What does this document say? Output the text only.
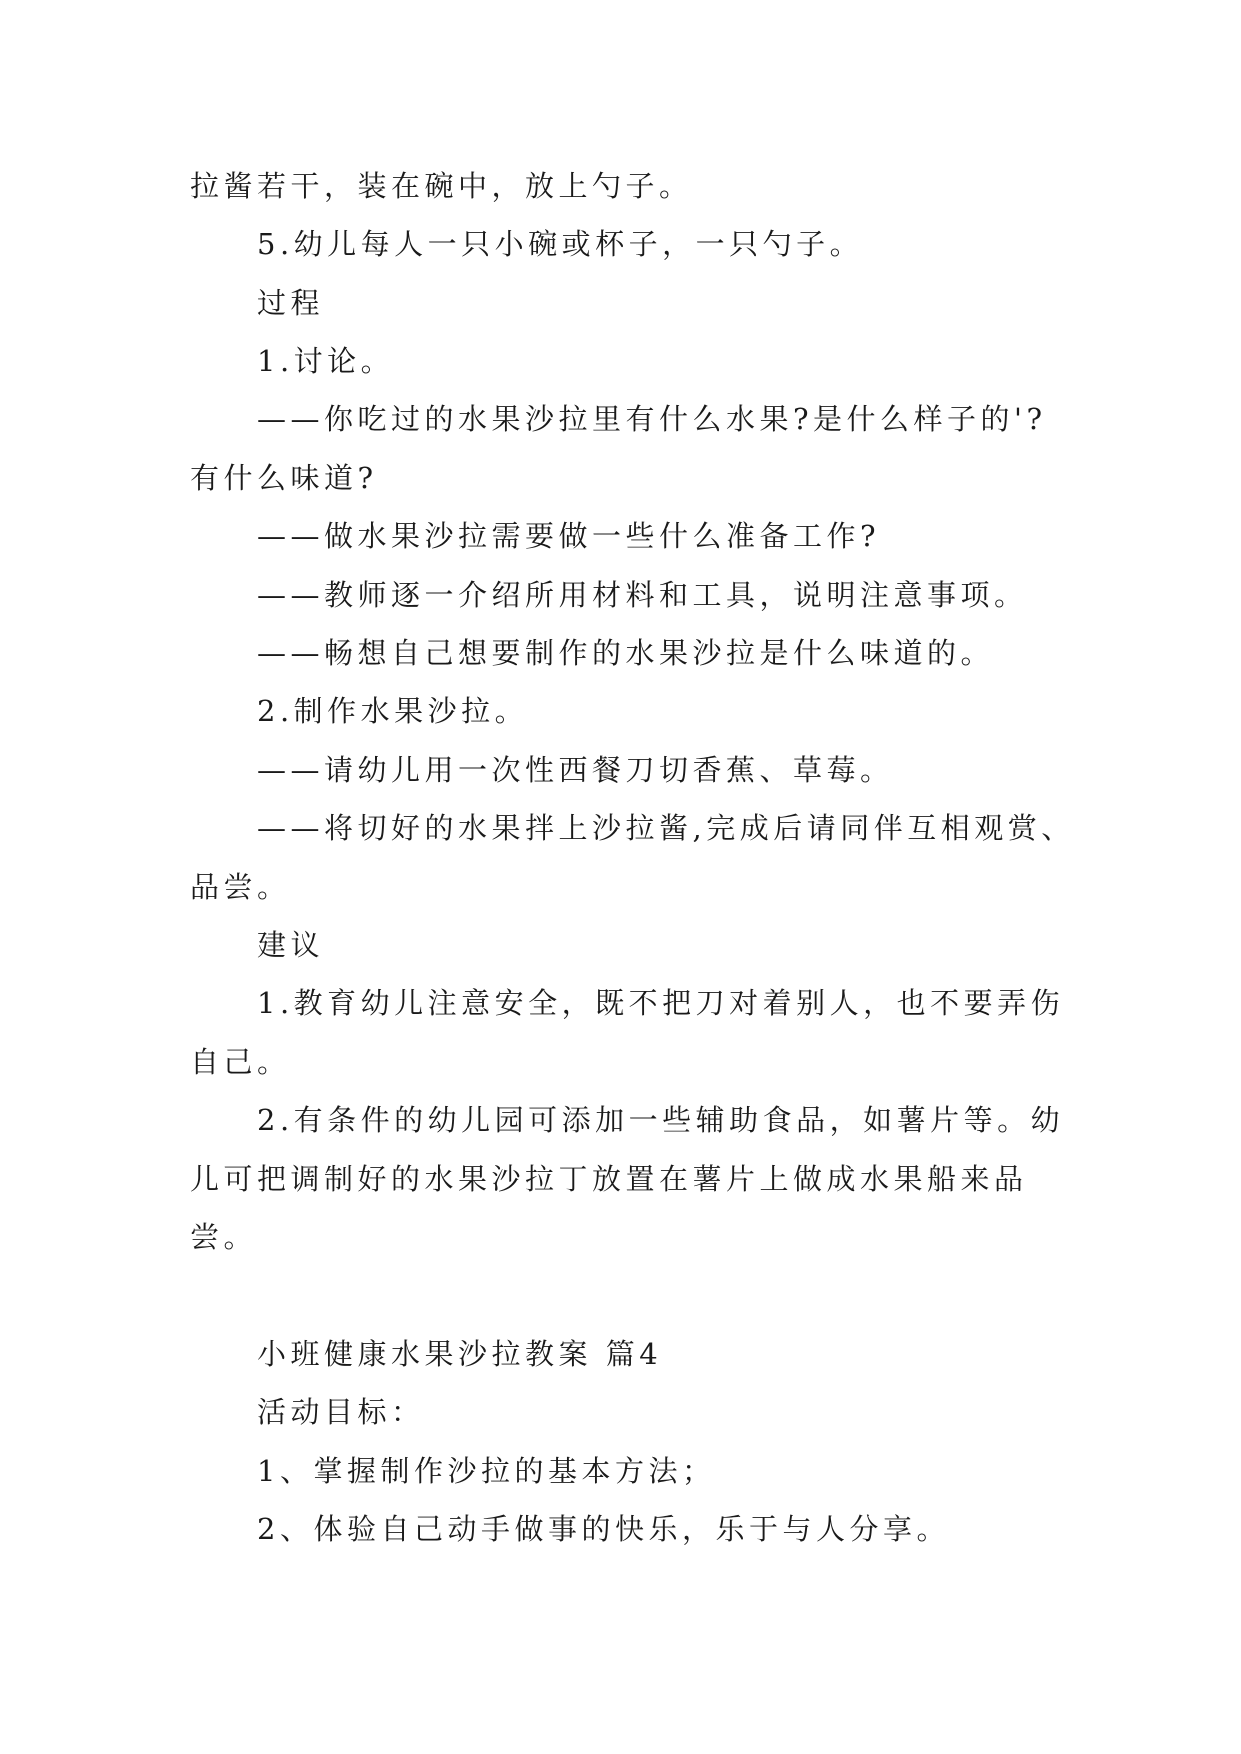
拉酱若干，装在碗中，放上勺子。

5.幼儿每人一只小碗或杯子，一只勺子。

过程

1.讨论。

——你吃过的水果沙拉里有什么水果?是什么样子的'?

有什么味道?

——做水果沙拉需要做一些什么准备工作?

——教师逐一介绍所用材料和工具，说明注意事项。

——畅想自己想要制作的水果沙拉是什么味道的。

2.制作水果沙拉。

——请幼儿用一次性西餐刀切香蕉、草莓。

——将切好的水果拌上沙拉酱,完成后请同伴互相观赏、

品尝。

建议

1.教育幼儿注意安全，既不把刀对着别人，也不要弄伤

自己。

2.有条件的幼儿园可添加一些辅助食品，如薯片等。幼

儿可把调制好的水果沙拉丁放置在薯片上做成水果船来品

尝。

小班健康水果沙拉教案 篇4

活动目标：

1、掌握制作沙拉的基本方法；

2、体验自己动手做事的快乐，乐于与人分享。
